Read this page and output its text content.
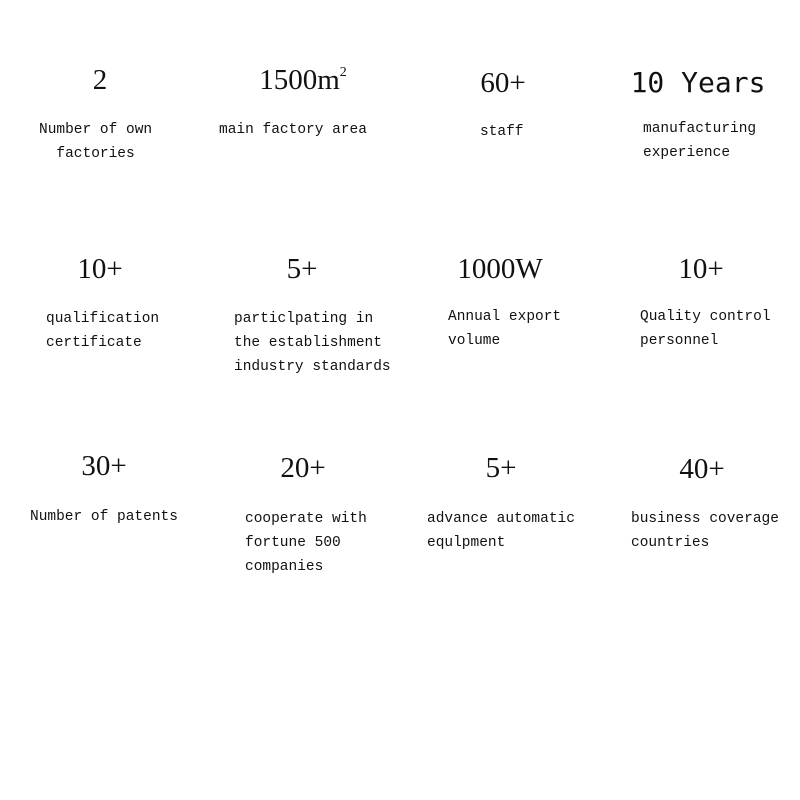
2
Number of own
factories
$1500m^2$
main factory area
60+
staff
10 Years
manufacturing
experience
10+
qualification
certificate
5+
particlpating in
the establishment
industry standards
1000W
Annual export
volume
10+
Quality control
personnel
30+
Number of patents
20+
cooperate with
fortune 500
companies
5+
advance automatic
equlpment
40+
business coverage
countries
